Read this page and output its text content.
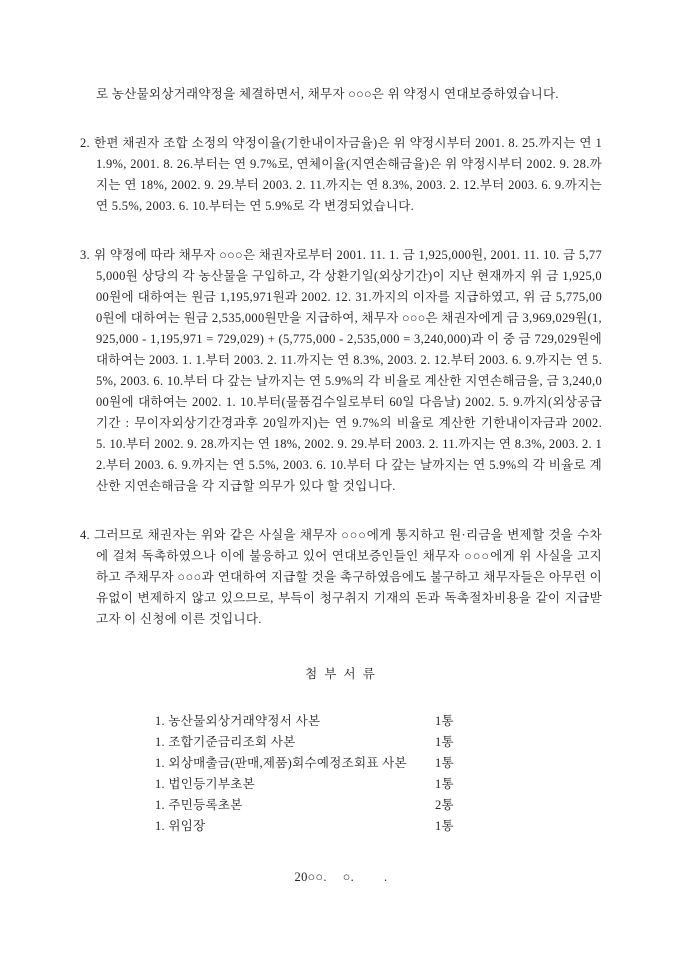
로 농산물외상거래약정을 체결하면서, 채무자 ○○○은 위 약정시 연대보증하였습니다.

2. 한편 채권자 조합 소정의 약정이율(기한내이자금율)은 위 약정시부터 2001. 8. 25.까지는 연 11.9%, 2001. 8. 26.부터는 연 9.7%로, 연체이율(지연손해금율)은 위 약정시부터 2002. 9. 28.까지는 연 18%, 2002. 9. 29.부터 2003. 2. 11.까지는 연 8.3%, 2003. 2. 12.부터 2003. 6. 9.까지는 연 5.5%, 2003. 6. 10.부터는 연 5.9%로 각 변경되었습니다.

3. 위 약정에 따라 채무자 ○○○은 채권자로부터 2001. 11. 1. 금 1,925,000원, 2001. 11. 10. 금 5,775,000원 상당의 각 농산물을 구입하고, 각 상환기일(외상기간)이 지난 현재까지 위 금 1,925,000원에 대하여는 원금 1,195,971원과 2002. 12. 31.까지의 이자를 지급하였고, 위 금 5,775,000원에 대하여는 원금 2,535,000원만을 지급하여, 채무자 ○○○은 채권자에게 금 3,969,029원(1,925,000 - 1,195,971 = 729,029) + (5,775,000 - 2,535,000 = 3,240,000)과 이 중 금 729,029원에 대하여는 2003. 1. 1.부터 2003. 2. 11.까지는 연 8.3%, 2003. 2. 12.부터 2003. 6. 9.까지는 연 5.5%, 2003. 6. 10.부터 다 갚는 날까지는 연 5.9%의 각 비율로 계산한 지연손해금을, 금 3,240,000원에 대하여는 2002. 1. 10.부터(물품검수일로부터 60일 다음날) 2002. 5. 9.까지(외상공급기간 : 무이자외상기간경과후 20일까지)는 연 9.7%의 비율로 계산한 기한내이자금과 2002. 5. 10.부터 2002. 9. 28.까지는 연 18%, 2002. 9. 29.부터 2003. 2. 11.까지는 연 8.3%, 2003. 2. 12.부터 2003. 6. 9.까지는 연 5.5%, 2003. 6. 10.부터 다 갚는 날까지는 연 5.9%의 각 비율로 계산한 지연손해금을 각 지급할 의무가 있다 할 것입니다.

4. 그러므로 채권자는 위와 같은 사실을 채무자 ○○○에게 통지하고 원·리금을 변제할 것을 수차에 걸쳐 독촉하였으나 이에 불응하고 있어 연대보증인들인 채무자 ○○○에게 위 사실을 고지하고 주채무자 ○○○과 연대하여 지급할 것을 촉구하였음에도 불구하고 채무자들은 아무런 이유없이 변제하지 않고 있으므로, 부득이 청구취지 기재의 돈과 독촉절차비용을 같이 지급받고자 이 신청에 이른 것입니다.

첨 부 서 류
1. 농산물외상거래약정서 사본	1통
1. 조합기준금리조회 사본	1통
1. 외상매출금(판매,제품)회수예정조회표 사본	1통
1. 법인등기부초본	1통
1. 주민등록초본	2통
1. 위임장	1통
20○○. ○. .
